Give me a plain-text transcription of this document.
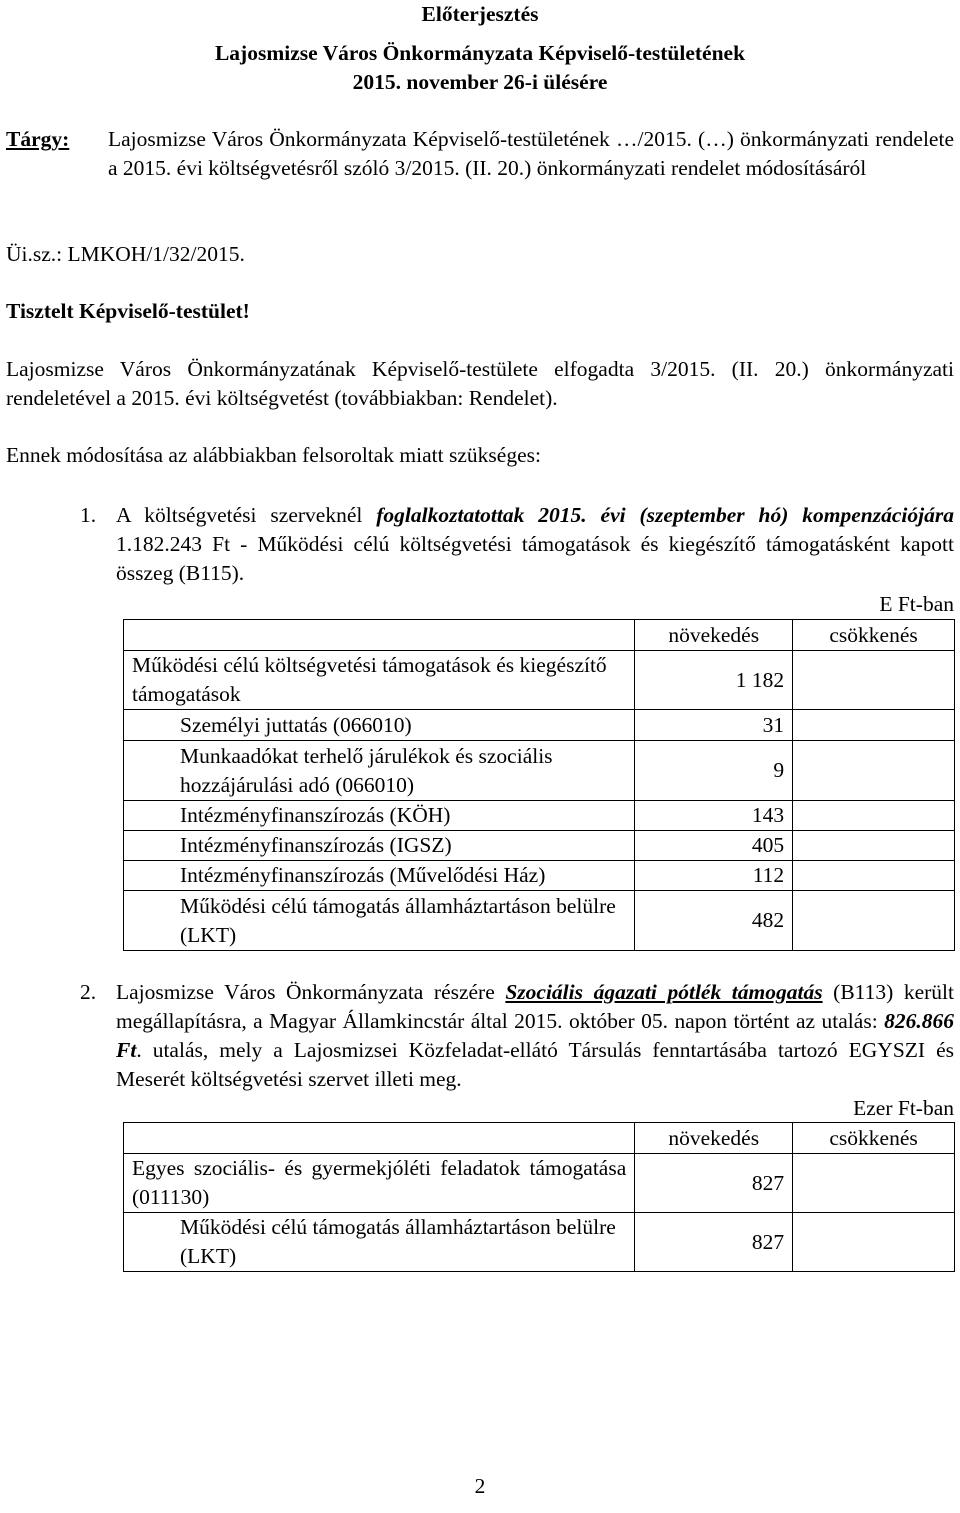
Előterjesztés
Lajosmizse Város Önkormányzata Képviselő-testületének
2015. november 26-i ülésére
Tárgy: Lajosmizse Város Önkormányzata Képviselő-testületének …/2015. (…) önkormányzati rendelete a 2015. évi költségvetésről szóló 3/2015. (II. 20.) önkormányzati rendelet módosításáról
Üi.sz.: LMKOH/1/32/2015.
Tisztelt Képviselő-testület!
Lajosmizse Város Önkormányzatának Képviselő-testülete elfogadta 3/2015. (II. 20.) önkormányzati rendeletével a 2015. évi költségvetést (továbbiakban: Rendelet).
Ennek módosítása az alábbiakban felsoroltak miatt szükséges:
1. A költségvetési szerveknél foglalkoztatottak 2015. évi (szeptember hó) kompenzációjára 1.182.243 Ft - Működési célú költségvetési támogatások és kiegészítő támogatásként kapott összeg (B115).
E Ft-ban
	növekedés	csökkenés
Működési célú költségvetési támogatások és kiegészítő támogatások	1 182	
Személyi juttatás (066010)	31	
Munkaadókat terhelő járulékok és szociális hozzájárulási adó (066010)	9	
Intézményfinanszírozás (KÖH)	143	
Intézményfinanszírozás (IGSZ)	405	
Intézményfinanszírozás (Művelődési Ház)	112	
Működési célú támogatás államháztartáson belülre (LKT)	482	
2. Lajosmizse Város Önkormányzata részére Szociális ágazati pótlék támogatás (B113) került megállapításra, a Magyar Államkincstár által 2015. október 05. napon történt az utalás: 826.866 Ft. utalás, mely a Lajosmizsei Közfeladat-ellátó Társulás fenntartásába tartozó EGYSZI és Meserét költségvetési szervet illeti meg.
Ezer Ft-ban
	növekedés	csökkenés
Egyes szociális- és gyermekjóléti feladatok támogatása (011130)	827	
Működési célú támogatás államháztartáson belülre (LKT)	827	
2
